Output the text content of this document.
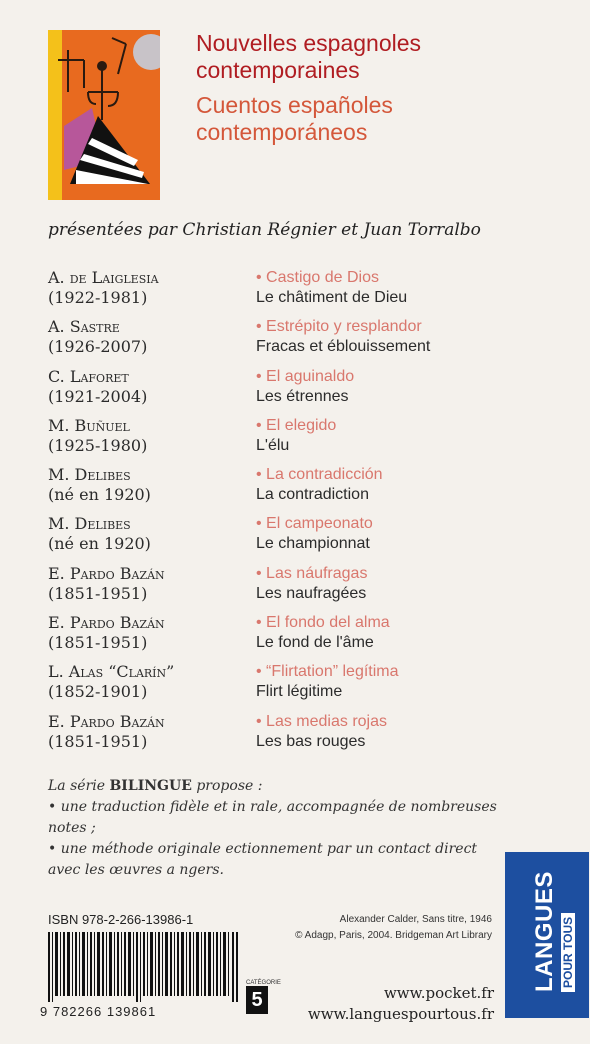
Nouvelles espagnoles
contemporaines

Cuentos españoles
contemporáneos

présentées par Christian Régnier et Juan Torralbo
A. de Laiglesia
(1922-1981)
• Castigo de Dios
Le châtiment de Dieu
A. Sastre
(1926-2007)
• Estrépito y resplandor
Fracas et éblouissement
C. Laforet
(1921-2004)
• El aguinaldo
Les étrennes
M. Buñuel
(1925-1980)
• El elegido
L'élu
M. Delibes
(né en 1920)
• La contradicción
La contradiction
M. Delibes
(né en 1920)
• El campeonato
Le championnat
E. Pardo Bazán
(1851-1951)
• Las náufragas
Les naufragées
E. Pardo Bazán
(1851-1951)
• El fondo del alma
Le fond de l'âme
L. Alas “Clarín”
(1852-1901)
• “Flirtation” legítima
Flirt légitime
E. Pardo Bazán
(1851-1951)
• Las medias rojas
Les bas rouges

La série BILINGUE propose :

• une traduction fidèle et in rale, accompagnée de nombreuses notes ;

• une méthode originale ectionnement par un contact direct avec les œuvres a ngers.

ISBN 978-2-266-13986-1
9 782266 139861
Alexander Calder, Sans titre, 1946
© Adagp, Paris, 2004. Bridgeman Art Library
CATÉGORIE
5	www.pocket.fr
www.languespourtous.fr
LANGUES POUR TOUS
